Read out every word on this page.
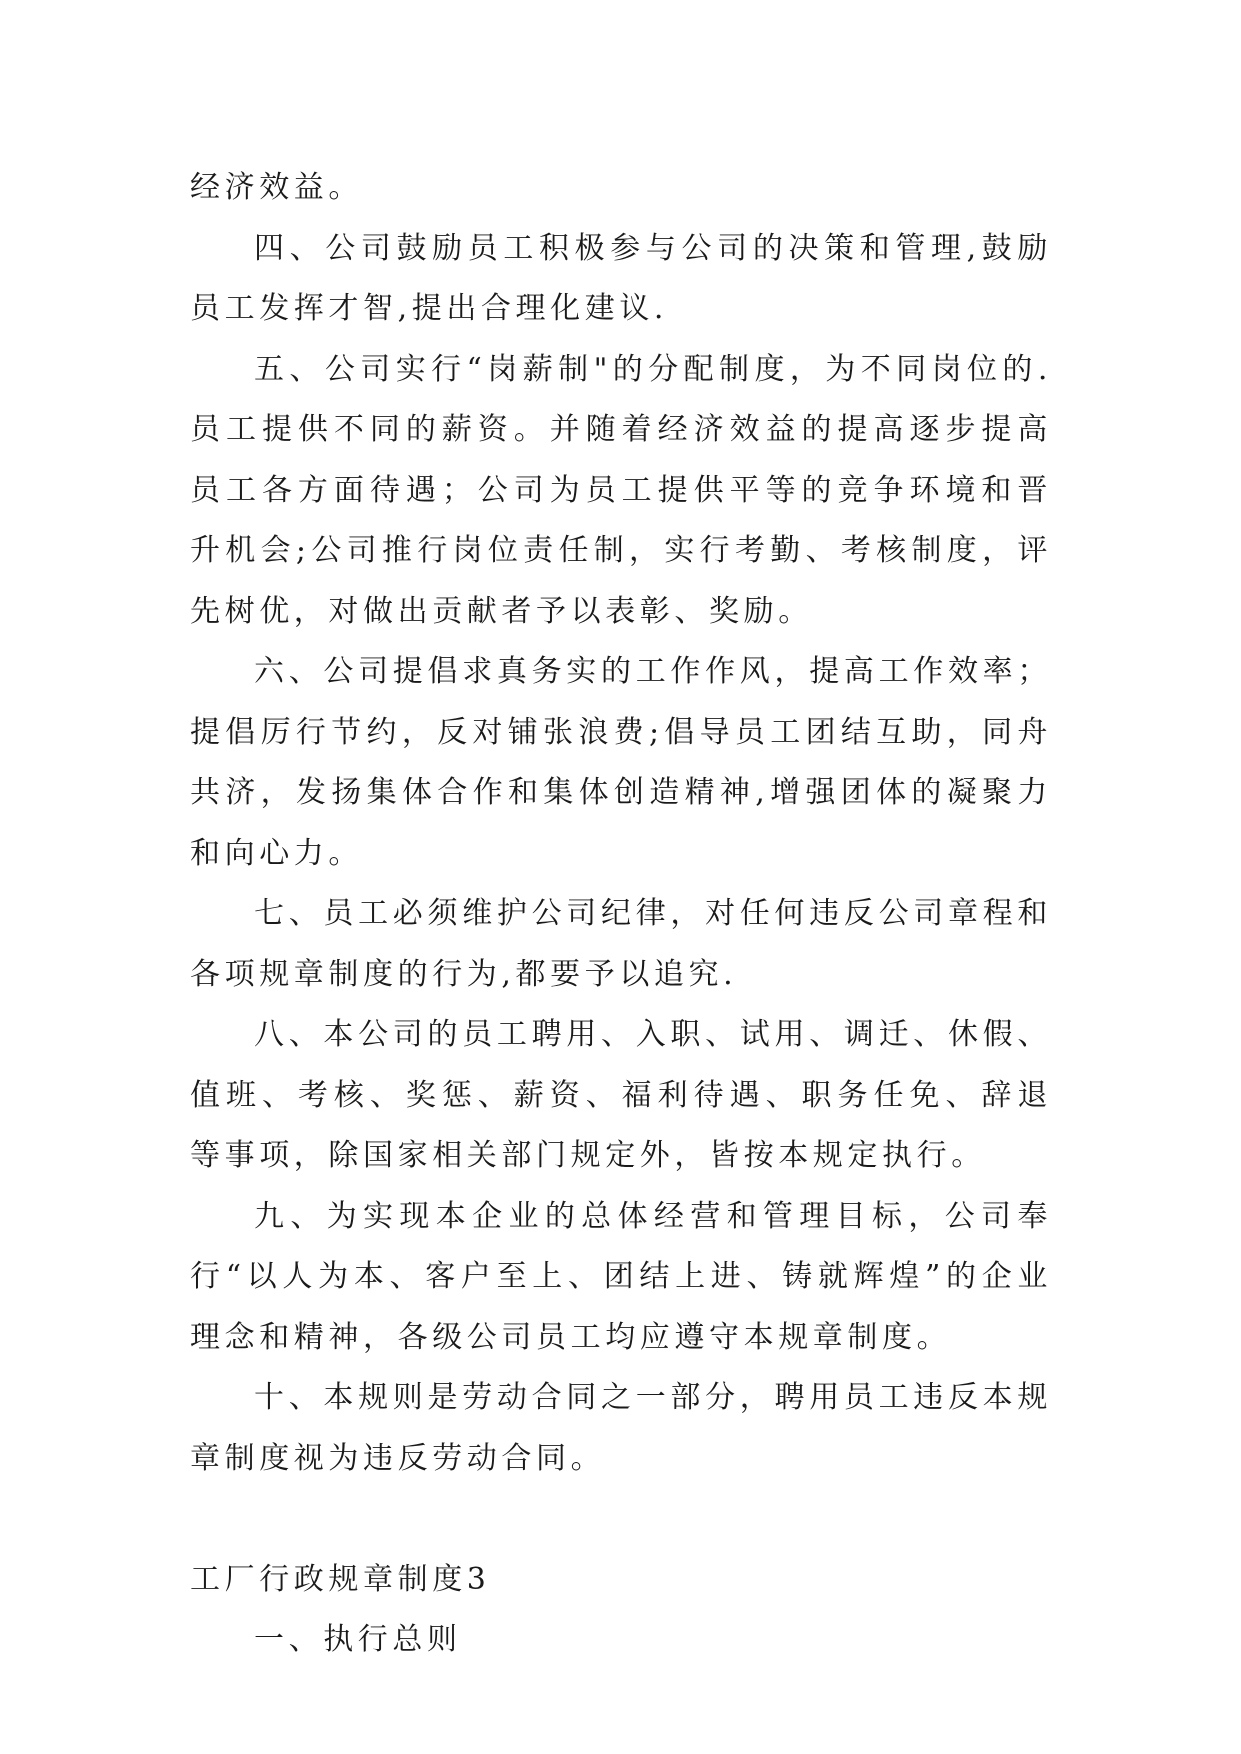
经济效益。

四、公司鼓励员工积极参与公司的决策和管理,鼓励员工发挥才智,提出合理化建议.

五、公司实行“岗薪制"的分配制度，为不同岗位的.员工提供不同的薪资。并随着经济效益的提高逐步提高员工各方面待遇；公司为员工提供平等的竞争环境和晋升机会;公司推行岗位责任制，实行考勤、考核制度，评先树优，对做出贡献者予以表彰、奖励。

六、公司提倡求真务实的工作作风，提高工作效率；提倡厉行节约，反对铺张浪费;倡导员工团结互助，同舟共济，发扬集体合作和集体创造精神,增强团体的凝聚力和向心力。

七、员工必须维护公司纪律，对任何违反公司章程和各项规章制度的行为,都要予以追究.

八、本公司的员工聘用、入职、试用、调迁、休假、值班、考核、奖惩、薪资、福利待遇、职务任免、辞退等事项，除国家相关部门规定外，皆按本规定执行。

九、为实现本企业的总体经营和管理目标，公司奉行“以人为本、客户至上、团结上进、铸就辉煌”的企业理念和精神，各级公司员工均应遵守本规章制度。

十、本规则是劳动合同之一部分，聘用员工违反本规章制度视为违反劳动合同。

工厂行政规章制度3

一、执行总则
